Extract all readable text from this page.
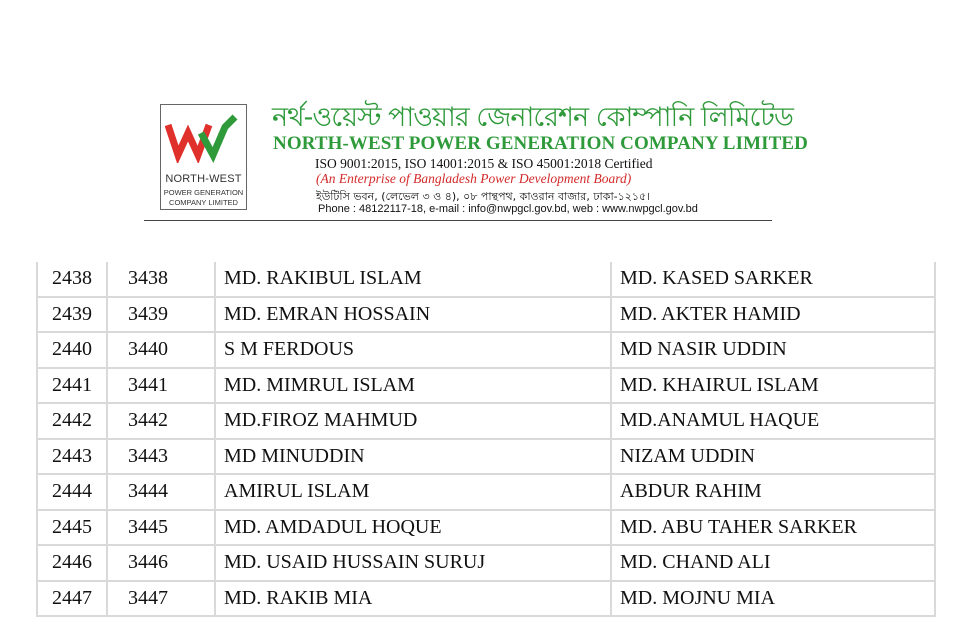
NORTH-WEST
POWER GENERATION
COMPANY LIMITED
নর্থ-ওয়েস্ট পাওয়ার জেনারেশন কোম্পানি লিমিটেড
NORTH-WEST POWER GENERATION COMPANY LIMITED
ISO 9001:2015, ISO 14001:2015 & ISO 45001:2018 Certified
(An Enterprise of Bangladesh Power Development Board)
ইউটিসি ভবন, (লেভেল ৩ ও ৪), ০৮ পান্থপথ, কাওরান বাজার, ঢাকা-১২১৫।
Phone : 48122117-18, e-mail : info@nwpgcl.gov.bd, web : www.nwpgcl.gov.bd
2438	3438	MD. RAKIBUL ISLAM	MD. KASED SARKER
2439	3439	MD. EMRAN HOSSAIN	MD. AKTER HAMID
2440	3440	S M FERDOUS	MD NASIR UDDIN
2441	3441	MD. MIMRUL ISLAM	MD. KHAIRUL ISLAM
2442	3442	MD.FIROZ MAHMUD	MD.ANAMUL HAQUE
2443	3443	MD MINUDDIN	NIZAM UDDIN
2444	3444	AMIRUL ISLAM	ABDUR RAHIM
2445	3445	MD. AMDADUL HOQUE	MD. ABU TAHER SARKER
2446	3446	MD. USAID HUSSAIN SURUJ	MD. CHAND ALI
2447	3447	MD. RAKIB MIA	MD. MOJNU MIA
